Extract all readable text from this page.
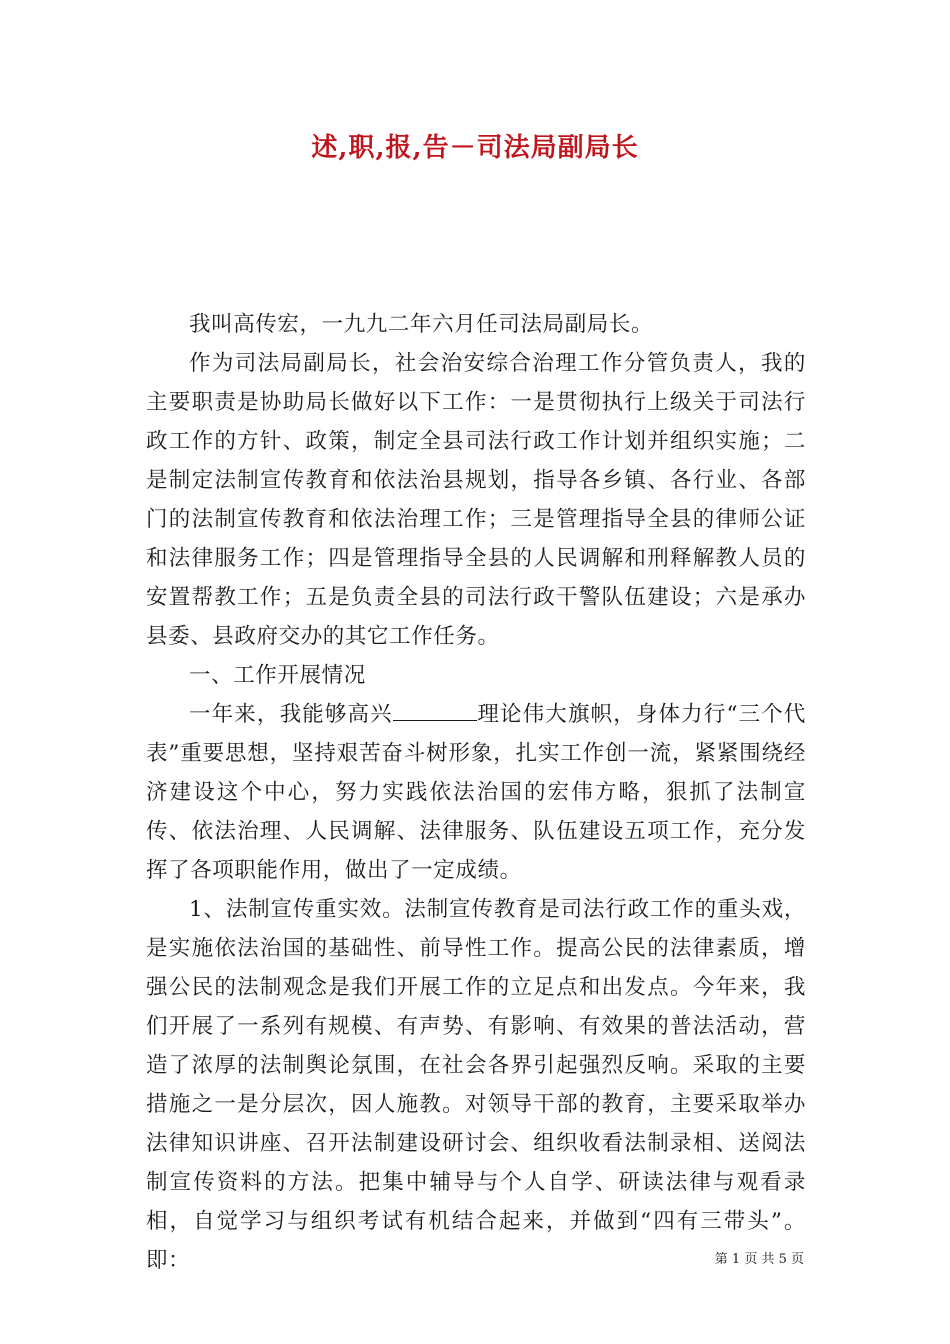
述,职,报,告－司法局副局长

我叫高传宏，一九九二年六月任司法局副局长。

作为司法局副局长，社会治安综合治理工作分管负责人，我的主要职责是协助局长做好以下工作：一是贯彻执行上级关于司法行政工作的方针、政策，制定全县司法行政工作计划并组织实施；二是制定法制宣传教育和依法治县规划，指导各乡镇、各行业、各部门的法制宣传教育和依法治理工作；三是管理指导全县的律师公证和法律服务工作；四是管理指导全县的人民调解和刑释解教人员的安置帮教工作；五是负责全县的司法行政干警队伍建设；六是承办县委、县政府交办的其它工作任务。

一、工作开展情况

一年来，我能够高兴	理论伟大旗帜，身体力行“三个代表”重要思想，坚持艰苦奋斗树形象，扎实工作创一流，紧紧围绕经济建设这个中心，努力实践依法治国的宏伟方略，狠抓了法制宣传、依法治理、人民调解、法律服务、队伍建设五项工作，充分发挥了各项职能作用，做出了一定成绩。

1、法制宣传重实效。法制宣传教育是司法行政工作的重头戏，是实施依法治国的基础性、前导性工作。提高公民的法律素质，增强公民的法制观念是我们开展工作的立足点和出发点。今年来，我们开展了一系列有规模、有声势、有影响、有效果的普法活动，营造了浓厚的法制舆论氛围，在社会各界引起强烈反响。采取的主要措施之一是分层次，因人施教。对领导干部的教育，主要采取举办法律知识讲座、召开法制建设研讨会、组织收看法制录相、送阅法制宣传资料的方法。把集中辅导与个人自学、研读法律与观看录相，自觉学习与组织考试有机结合起来，并做到“四有三带头”。即：	第 1 页 共 5 页
